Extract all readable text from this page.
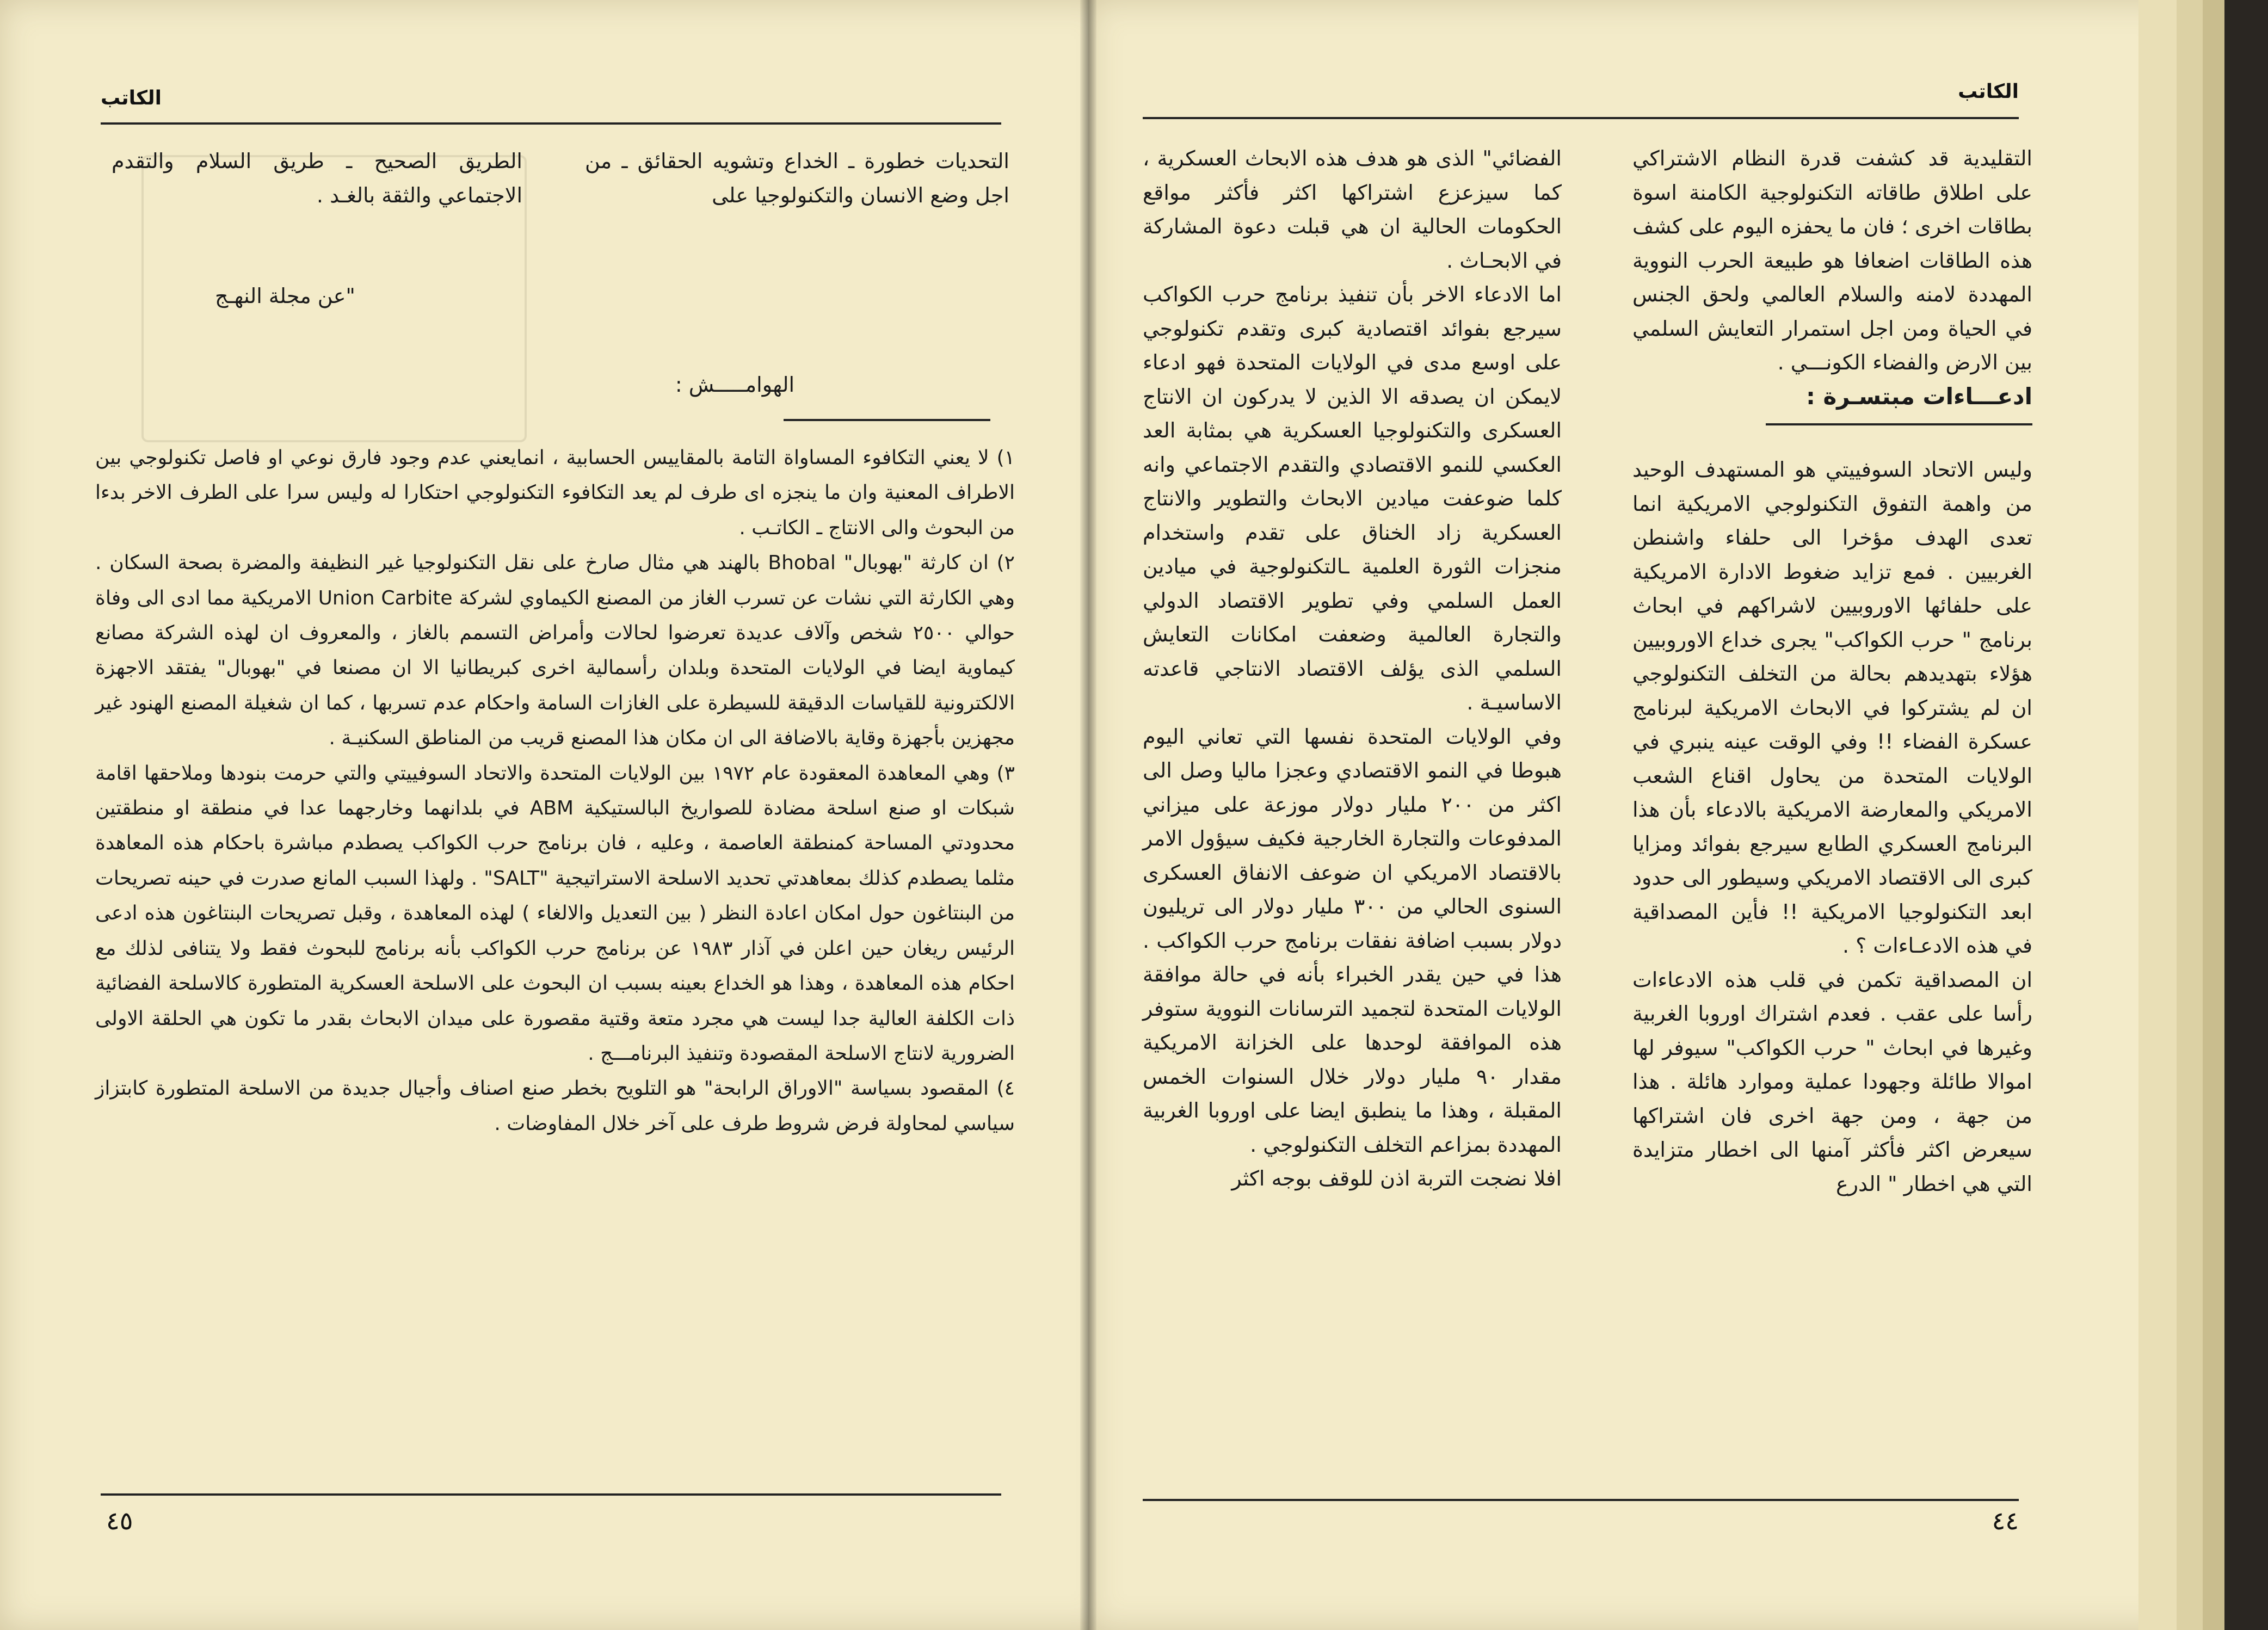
الكاتب

الطريق الصحيح ـ طريق السلام والتقدم الاجتماعي والثقة بالغـد .

التحديات خطورة ـ الخداع وتشويه الحقائق ـ من اجل وضع الانسان والتكنولوجيا على

"عن مجلة النهـج
الهوامـــــش :

١) لا يعني التكافوء المساواة التامة بالمقاييس الحسابية ، انمايعني عدم وجود فارق نوعي او فاصل تكنولوجي بين الاطراف المعنية وان ما ينجزه اى طرف لم يعد التكافوء التكنولوجي احتكارا له وليس سرا على الطرف الاخر بدءا من البحوث والى الانتاج ـ الكاتـب .

٢) ان كارثة "بهوبال" Bhobal بالهند هي مثال صارخ على نقل التكنولوجيا غير النظيفة والمضرة بصحة السكان . وهي الكارثة التي نشات عن تسرب الغاز من المصنع الكيماوي لشركة Union Carbite الامريكية مما ادى الى وفاة حوالي ٢٥٠٠ شخص وآلاف عديدة تعرضوا لحالات وأمراض التسمم بالغاز ، والمعروف ان لهذه الشركة مصانع كيماوية ايضا في الولايات المتحدة وبلدان رأسمالية اخرى كبريطانيا الا ان مصنعا في "بهوبال" يفتقد الاجهزة الالكترونية للقياسات الدقيقة للسيطرة على الغازات السامة واحكام عدم تسربها ، كما ان شغيلة المصنع الهنود غير مجهزين بأجهزة وقاية بالاضافة الى ان مكان هذا المصنع قريب من المناطق السكنيـة .

٣) وهي المعاهدة المعقودة عام ١٩٧٢ بين الولايات المتحدة والاتحاد السوفييتي والتي حرمت بنودها وملاحقها اقامة شبكات او صنع اسلحة مضادة للصواريخ البالستيكية ABM في بلدانهما وخارجهما عدا في منطقة او منطقتين محدودتي المساحة كمنطقة العاصمة ، وعليه ، فان برنامج حرب الكواكب يصطدم مباشرة باحكام هذه المعاهدة مثلما يصطدم كذلك بمعاهدتي تحديد الاسلحة الاستراتيجية "SALT" . ولهذا السبب المانع صدرت في حينه تصريحات من البنتاغون حول امكان اعادة النظر ( بين التعديل والالغاء ) لهذه المعاهدة ، وقبل تصريحات البنتاغون هذه ادعى الرئيس ريغان حين اعلن في آذار ١٩٨٣ عن برنامج حرب الكواكب بأنه برنامج للبحوث فقط ولا يتنافى لذلك مع احكام هذه المعاهدة ، وهذا هو الخداع بعينه بسبب ان البحوث على الاسلحة العسكرية المتطورة كالاسلحة الفضائية ذات الكلفة العالية جدا ليست هي مجرد متعة وقتية مقصورة على ميدان الابحاث بقدر ما تكون هي الحلقة الاولى الضرورية لانتاج الاسلحة المقصودة وتنفيذ البرنامـــج .

٤) المقصود بسياسة "الاوراق الرابحة" هو التلويح بخطر صنع اصناف وأجيال جديدة من الاسلحة المتطورة كابتزاز سياسي لمحاولة فرض شروط طرف على آخر خلال المفاوضات .

٤٥
الكاتب

التقليدية قد كشفت قدرة النظام الاشتراكي على اطلاق طاقاته التكنولوجية الكامنة اسوة بطاقات اخرى ؛ فان ما يحفزه اليوم على كشف هذه الطاقات اضعافا هو طبيعة الحرب النووية المهددة لامنه والسلام العالمي ولحق الجنس في الحياة ومن اجل استمرار التعايش السلمي بين الارض والفضاء الكونـــي .

ادعـــاءات مبتسـرة :

وليس الاتحاد السوفييتي هو المستهدف الوحيد من واهمة التفوق التكنولوجي الامريكية انما تعدى الهدف مؤخرا الى حلفاء واشنطن الغربيين . فمع تزايد ضغوط الادارة الامريكية على حلفائها الاوروبيين لاشراكهم في ابحاث برنامج " حرب الكواكب" يجرى خداع الاوروبيين هؤلاء بتهديدهم بحالة من التخلف التكنولوجي ان لم يشتركوا في الابحاث الامريكية لبرنامج عسكرة الفضاء !! وفي الوقت عينه ينبري في الولايات المتحدة من يحاول اقناع الشعب الامريكي والمعارضة الامريكية بالادعاء بأن هذا البرنامج العسكري الطابع سيرجع بفوائد ومزايا كبرى الى الاقتصاد الامريكي وسيطور الى حدود ابعد التكنولوجيا الامريكية !! فأين المصداقية في هذه الادعـاءات ؟ .

ان المصداقية تكمن في قلب هذه الادعاءات رأسا على عقب . فعدم اشتراك اوروبا الغربية وغيرها في ابحاث " حرب الكواكب" سيوفر لها اموالا طائلة وجهودا عملية وموارد هائلة . هذا من جهة ، ومن جهة اخرى فان اشتراكها سيعرض اكثر فأكثر آمنها الى اخطار متزايدة التي هي اخطار " الدرع

الفضائي" الذى هو هدف هذه الابحاث العسكرية ، كما سيزعزع اشتراكها اكثر فأكثر مواقع الحكومات الحالية ان هي قبلت دعوة المشاركة في الابحـاث .

اما الادعاء الاخر بأن تنفيذ برنامج حرب الكواكب سيرجع بفوائد اقتصادية كبرى وتقدم تكنولوجي على اوسع مدى في الولايات المتحدة فهو ادعاء لايمكن ان يصدقه الا الذين لا يدركون ان الانتاج العسكرى والتكنولوجيا العسكرية هي بمثابة العد العكسي للنمو الاقتصادي والتقدم الاجتماعي وانه كلما ضوعفت ميادين الابحاث والتطوير والانتاج العسكرية زاد الخناق على تقدم واستخدام منجزات الثورة العلمية ـالتكنولوجية في ميادين العمل السلمي وفي تطوير الاقتصاد الدولي والتجارة العالمية وضعفت امكانات التعايش السلمي الذى يؤلف الاقتصاد الانتاجي قاعدته الاساسيـة .

وفي الولايات المتحدة نفسها التي تعاني اليوم هبوطا في النمو الاقتصادي وعجزا ماليا وصل الى اكثر من ٢٠٠ مليار دولار موزعة على ميزاني المدفوعات والتجارة الخارجية فكيف سيؤول الامر بالاقتصاد الامريكي ان ضوعف الانفاق العسكرى السنوى الحالي من ٣٠٠ مليار دولار الى تريليون دولار بسبب اضافة نفقات برنامج حرب الكواكب . هذا في حين يقدر الخبراء بأنه في حالة موافقة الولايات المتحدة لتجميد الترسانات النووية ستوفر هذه الموافقة لوحدها على الخزانة الامريكية مقدار ٩٠ مليار دولار خلال السنوات الخمس المقبلة ، وهذا ما ينطبق ايضا على اوروبا الغربية المهددة بمزاعم التخلف التكنولوجي .

افلا نضجت التربة اذن للوقف بوجه اكثر

٤٤
